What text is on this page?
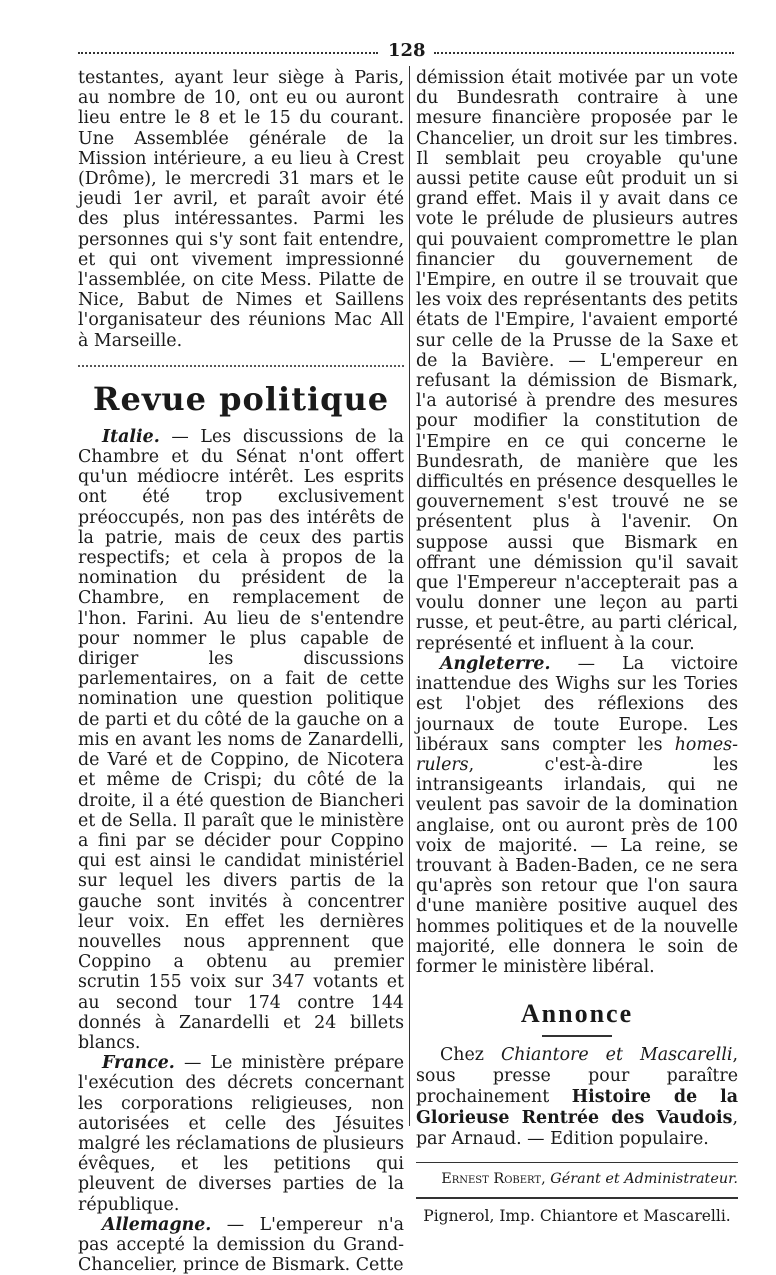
128

testantes, ayant leur siège à Paris, au nombre de 10, ont eu ou auront lieu entre le 8 et le 15 du courant. Une Assemblée générale de la Mission intérieure, a eu lieu à Crest (Drôme), le mercredi 31 mars et le jeudi 1er avril, et paraît avoir été des plus intéressantes. Parmi les personnes qui s'y sont fait entendre, et qui ont vivement impressionné l'assemblée, on cite Mess. Pilatte de Nice, Babut de Nimes et Saillens l'organisateur des réunions Mac All à Marseille.

Revue politique

Italie. — Les discussions de la Chambre et du Sénat n'ont offert qu'un médiocre intérêt. Les esprits ont été trop exclusivement préoccupés, non pas des intérêts de la patrie, mais de ceux des partis respectifs; et cela à propos de la nomination du président de la Chambre, en remplacement de l'hon. Farini. Au lieu de s'entendre pour nommer le plus capable de diriger les discussions parlementaires, on a fait de cette nomination une question politique de parti et du côté de la gauche on a mis en avant les noms de Zanardelli, de Varé et de Coppino, de Nicotera et même de Crispi; du côté de la droite, il a été question de Biancheri et de Sella. Il paraît que le ministère a fini par se décider pour Coppino qui est ainsi le candidat ministériel sur lequel les divers partis de la gauche sont invités à concentrer leur voix. En effet les dernières nouvelles nous apprennent que Coppino a obtenu au premier scrutin 155 voix sur 347 votants et au second tour 174 contre 144 donnés à Zanardelli et 24 billets blancs.

France. — Le ministère prépare l'exécution des décrets concernant les corporations religieuses, non autorisées et celle des Jésuites malgré les réclamations de plusieurs évêques, et les petitions qui pleuvent de diverses parties de la république.

Allemagne. — L'empereur n'a pas accepté la demission du Grand-Chancelier, prince de Bismark. Cette

démission était motivée par un vote du Bundesrath contraire à une mesure financière proposée par le Chancelier, un droit sur les timbres. Il semblait peu croyable qu'une aussi petite cause eût produit un si grand effet. Mais il y avait dans ce vote le prélude de plusieurs autres qui pouvaient compromettre le plan financier du gouvernement de l'Empire, en outre il se trouvait que les voix des représentants des petits états de l'Empire, l'avaient emporté sur celle de la Prusse de la Saxe et de la Bavière. — L'empereur en refusant la démission de Bismark, l'a autorisé à prendre des mesures pour modifier la constitution de l'Empire en ce qui concerne le Bundesrath, de manière que les difficultés en présence desquelles le gouvernement s'est trouvé ne se présentent plus à l'avenir. On suppose aussi que Bismark en offrant une démission qu'il savait que l'Empereur n'accepterait pas a voulu donner une leçon au parti russe, et peut-être, au parti clérical, représenté et influent à la cour.

Angleterre. — La victoire inattendue des Wighs sur les Tories est l'objet des réflexions des journaux de toute Europe. Les libéraux sans compter les homes-rulers, c'est-à-dire les intransigeants irlandais, qui ne veulent pas savoir de la domination anglaise, ont ou auront près de 100 voix de majorité. — La reine, se trouvant à Baden-Baden, ce ne sera qu'après son retour que l'on saura d'une manière positive auquel des hommes politiques et de la nouvelle majorité, elle donnera le soin de former le ministère libéral.

Annonce

Chez Chiantore et Mascarelli, sous presse pour paraître prochainement Histoire de la Glorieuse Rentrée des Vaudois, par Arnaud. — Edition populaire.

Ernest Robert, Gérant et Administrateur.
Pignerol, Imp. Chiantore et Mascarelli.
